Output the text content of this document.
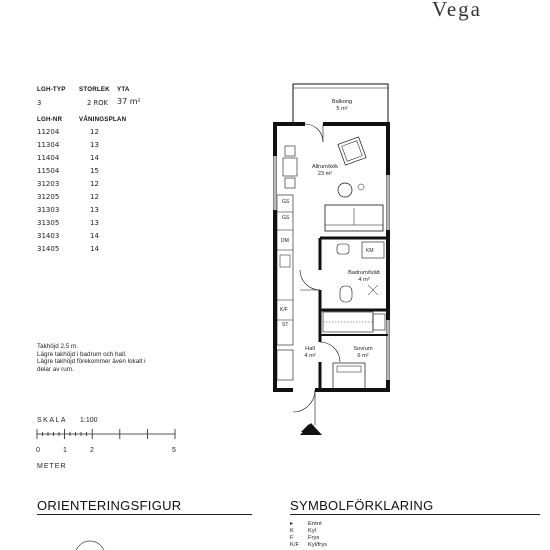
Vega
LGH-TYP STORLEK YTA
3	2 ROK 37 m²
LGH-NR	VÅNINGSPLAN
11204	12
11304	13
11404	14
11504	15
31203	12
31205	12
31303	13
31305	13
31403	14
31405	14
Takhöjd 2,5 m.
Lägre takhöjd i badrum och hall.
Lägre takhöjd förekommer även lokalt i
delar av rum.
SKALA 1:100
0	1	2	5
METER
Balkong
5 m²
Allrum/kök
23 m²
Badrum/tvätt
4 m²
Hall
4 m²
Sovrum
6 m²
GS
GS
DM
K/F
ST
KM
ORIENTERINGSFIGUR	SYMBOLFÖRKLARING
▸	Entré
K Kyl
F Frys
K/F Kyl/frys
